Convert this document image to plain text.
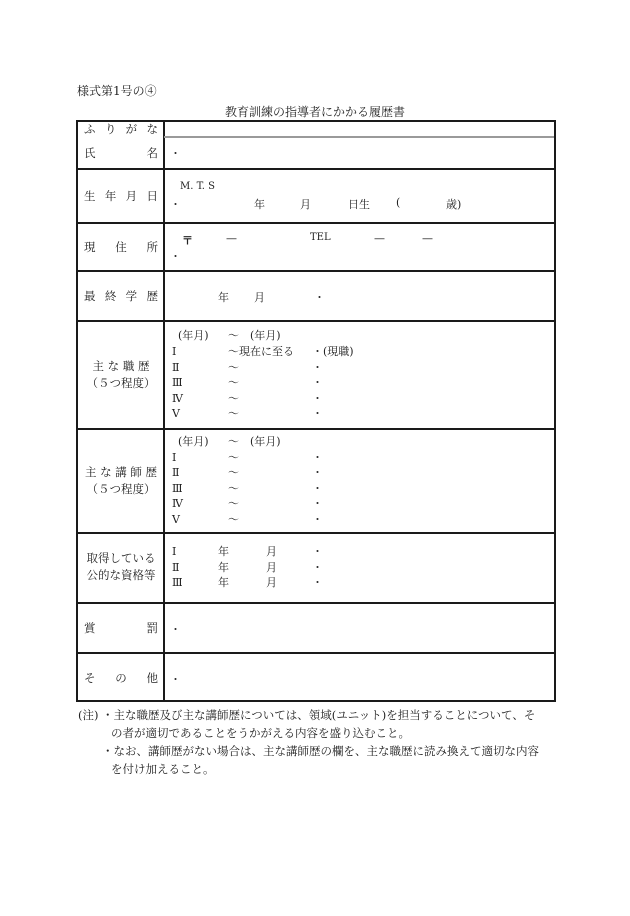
様式第1号の④
教育訓練の指導者にかかる履歴書
ふ り が な
氏	名 ・
生 年 月 日
M. T. S
・	年	月	日生 (	歳)
現 住 所 〒	—	TEL	—	—
・
最 終 学 歴	年 月	・
主 な 職 歴
（５つ程度）
(年月) 〜 (年月)
Ⅰ	〜現在に至る ・(現職)
Ⅱ	〜	・
Ⅲ	〜	・
Ⅳ	〜	・
Ⅴ	〜	・
主 な 講 師 歴
（５つ程度）
(年月) 〜 (年月)
Ⅰ	〜	・
Ⅱ	〜	・
Ⅲ	〜	・
Ⅳ	〜	・
Ⅴ	〜	・
取得している
公的な資格等
Ⅰ	年	月	・
Ⅱ	年	月	・
Ⅲ	年	月	・
賞	罰 ・
そ の 他 ・
(注) ・主な職歴及び主な講師歴については、領域(ユニット)を担当することについて、そ
の者が適切であることをうかがえる内容を盛り込むこと。
・なお、講師歴がない場合は、主な講師歴の欄を、主な職歴に読み換えて適切な内容
を付け加えること。
